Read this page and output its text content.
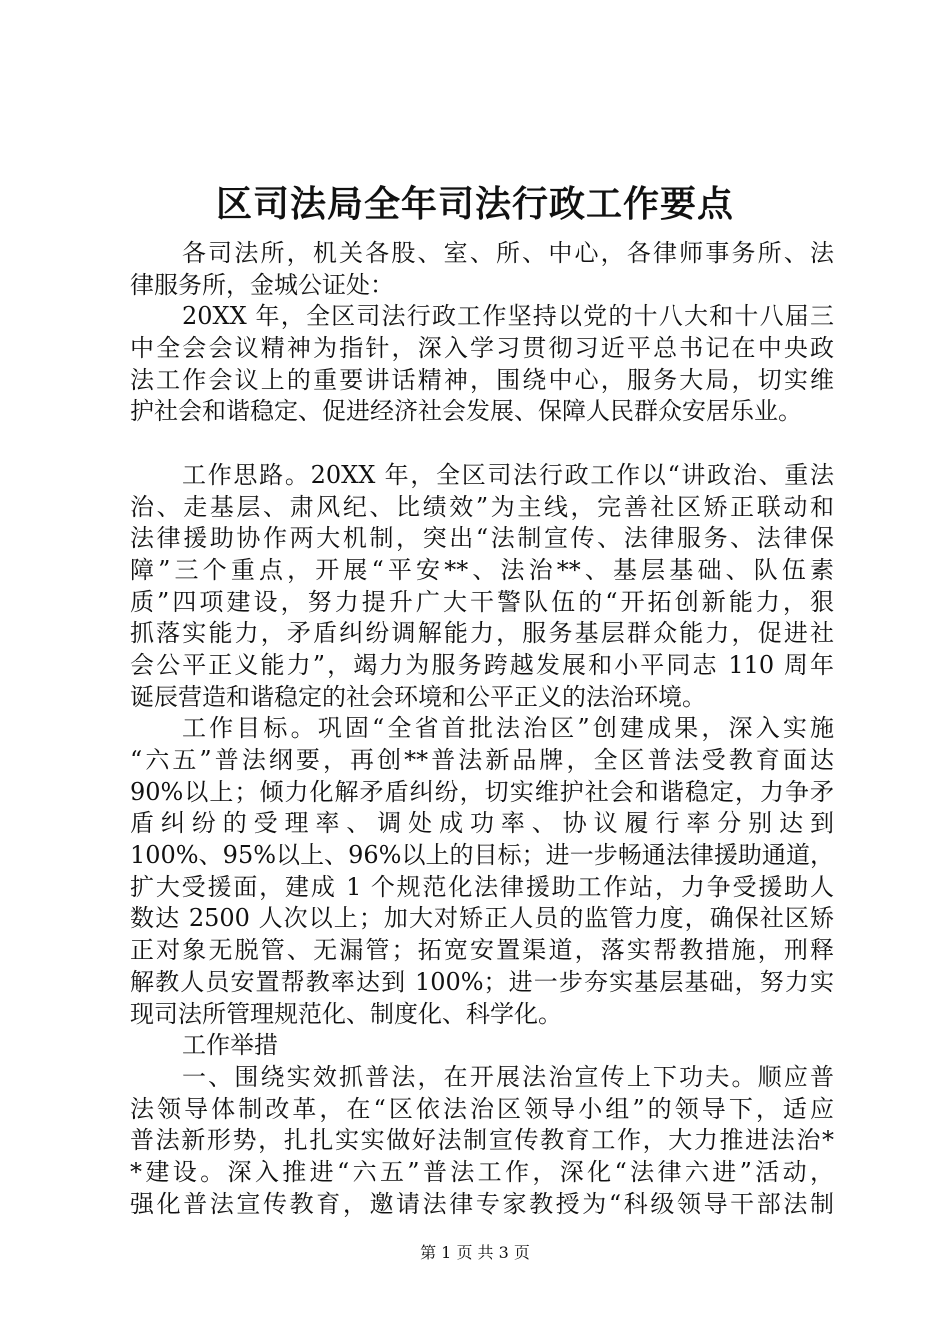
区司法局全年司法行政工作要点
各司法所，机关各股、室、所、中心，各律师事务所、法
律服务所，金城公证处：
20XX 年，全区司法行政工作坚持以党的十八大和十八届三
中全会会议精神为指针，深入学习贯彻习近平总书记在中央政
法工作会议上的重要讲话精神，围绕中心，服务大局，切实维
护社会和谐稳定、促进经济社会发展、保障人民群众安居乐业。
工作思路。20XX 年，全区司法行政工作以“讲政治、重法
治、走基层、肃风纪、比绩效”为主线，完善社区矫正联动和
法律援助协作两大机制，突出“法制宣传、法律服务、法律保
障”三个重点，开展“平安**、法治**、基层基础、队伍素
质”四项建设，努力提升广大干警队伍的“开拓创新能力，狠
抓落实能力，矛盾纠纷调解能力，服务基层群众能力，促进社
会公平正义能力”，竭力为服务跨越发展和小平同志 110 周年
诞辰营造和谐稳定的社会环境和公平正义的法治环境。
工作目标。巩固“全省首批法治区”创建成果，深入实施
“六五”普法纲要，再创**普法新品牌，全区普法受教育面达
90%以上；倾力化解矛盾纠纷，切实维护社会和谐稳定，力争矛
盾纠纷的受理率、调处成功率、协议履行率分别达到
100%、95%以上、96%以上的目标；进一步畅通法律援助通道，
扩大受援面，建成 1 个规范化法律援助工作站，力争受援助人
数达 2500 人次以上；加大对矫正人员的监管力度，确保社区矫
正对象无脱管、无漏管；拓宽安置渠道，落实帮教措施，刑释
解教人员安置帮教率达到 100%；进一步夯实基层基础，努力实
现司法所管理规范化、制度化、科学化。
工作举措
一、围绕实效抓普法，在开展法治宣传上下功夫。顺应普
法领导体制改革，在“区依法治区领导小组”的领导下，适应
普法新形势，扎扎实实做好法制宣传教育工作，大力推进法治*
*建设。深入推进“六五”普法工作，深化“法律六进”活动，
强化普法宣传教育，邀请法律专家教授为“科级领导干部法制
第 1 页 共 3 页
